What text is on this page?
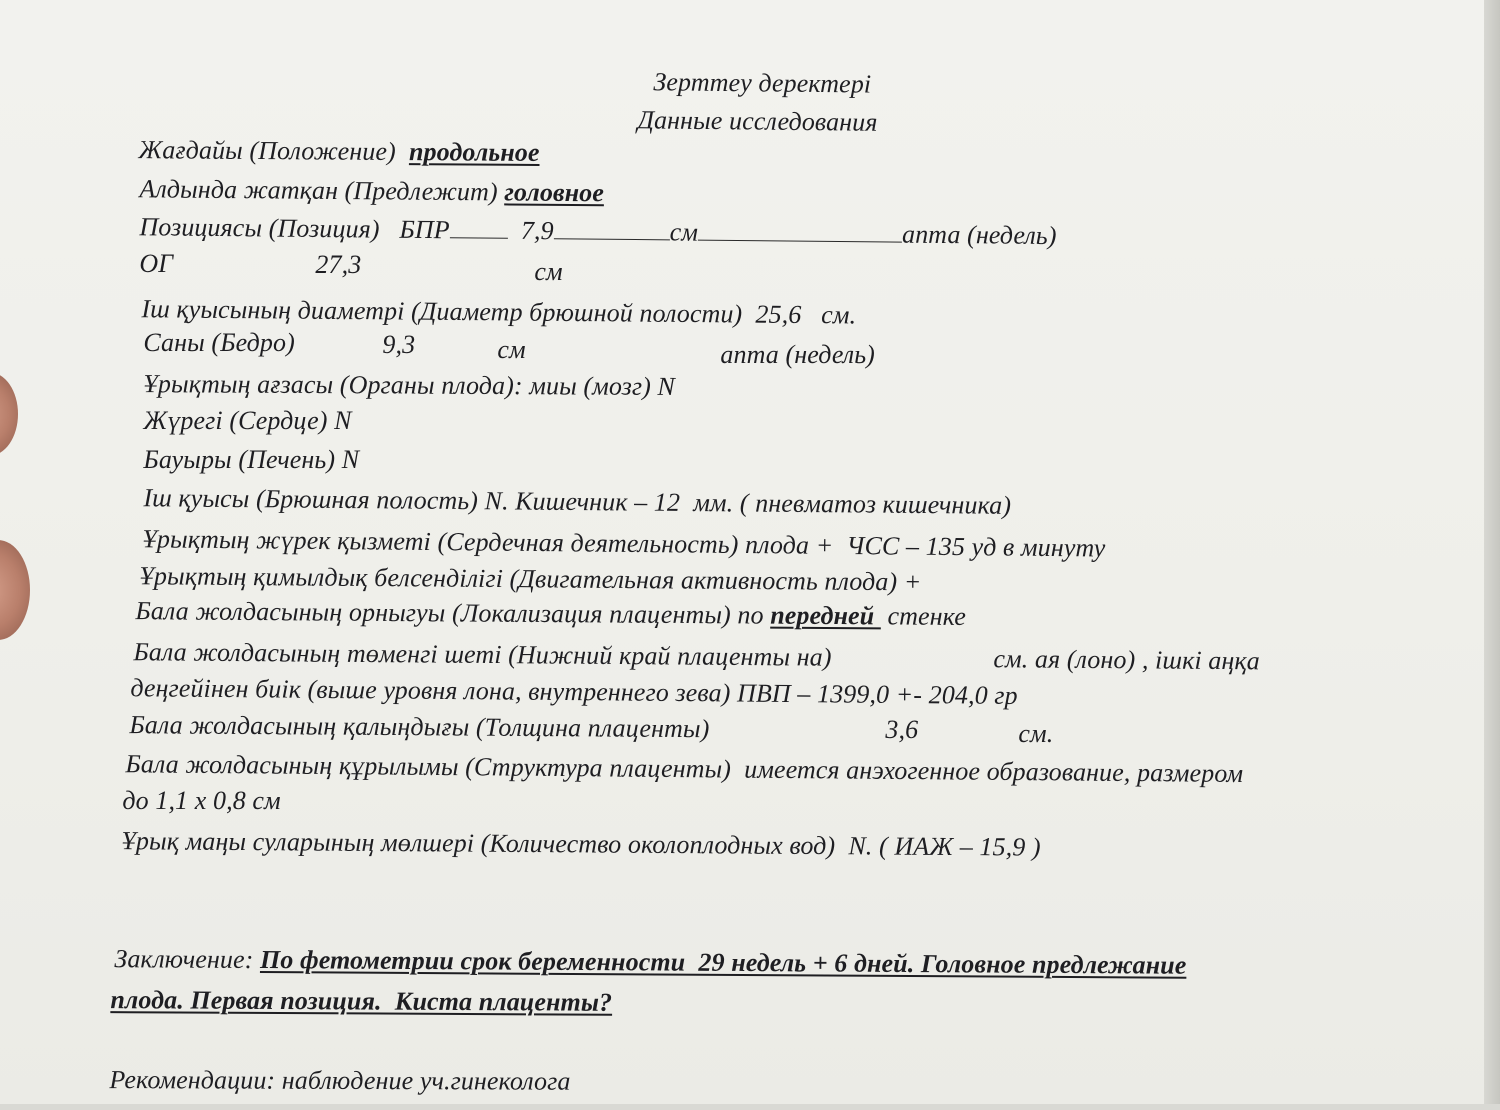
Зерттеу деректері

Данные исследования

Жағдайы (Положение) продольное

Алдында жатқан (Предлежит) головное

Позициясы (Позиция) БПР	7,9	см	апта (недель)

ОГ
	27,3
	см

Іш қуысының диаметрі (Диаметр брюшной полости) 25,6 см.

Саны (Бедро)
	9,3
	см
	апта (недель)

Ұрықтың ағзасы (Органы плода): миы (мозг) N

Жүрегі (Сердце) N

Бауыры (Печень) N

Іш қуысы (Брюшная полость) N. Кишечник – 12  мм. ( пневматоз кишечника)

Ұрықтың жүрек қызметі (Сердечная деятельность) плода +  ЧСС – 135 уд в минуту

Ұрықтың қимылдық белсенділігі (Двигательная активность плода) +

Бала жолдасының орныгуы (Локализация плаценты) по передней  стенке

Бала жолдасының төменгі шеті (Нижний край плаценты на)
	см. ая (лоно) , ішкі аңқа

деңгейінен биік (выше уровня лона, внутреннего зева) ПВП – 1399,0 +- 204,0 гр

Бала жолдасының қалыңдығы (Толщина плаценты)
	3,6
	см.

Бала жолдасының құрылымы (Структура плаценты) имеется анэхогенное образование, размером

до 1,1 х 0,8 см

Ұрық маңы суларының мөлшері (Количество околоплодных вод)  N. ( ИАЖ – 15,9 )

Заключение: По фетометрии срок беременности  29 недель + 6 дней. Головное предлежание

плода. Первая позиция.  Киста плаценты?

Рекомендации: наблюдение уч.гинеколога
